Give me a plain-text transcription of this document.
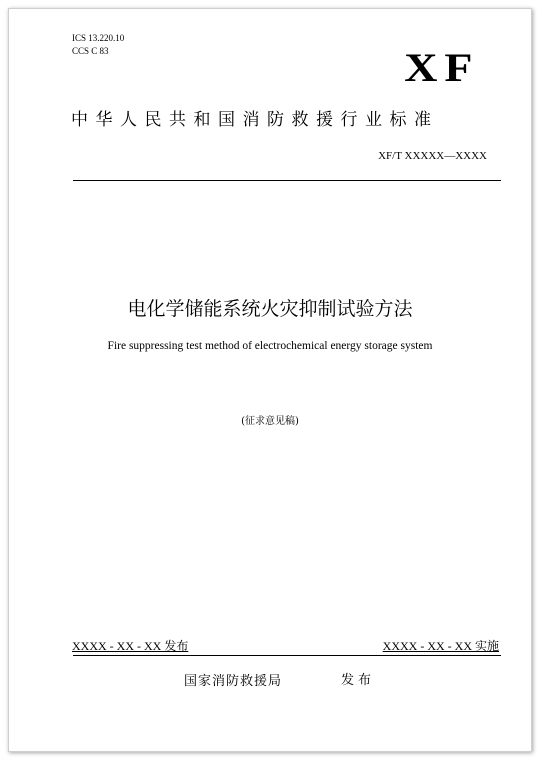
ICS 13.220.10
CCS C 83	XF
中华人民共和国消防救援行业标准
XF/T XXXXX—XXXX
电化学储能系统火灾抑制试验方法
Fire suppressing test method of electrochemical energy storage system
(征求意见稿)
XXXX - XX - XX 发布	XXXX - XX - XX 实施
国家消防救援局	发布
